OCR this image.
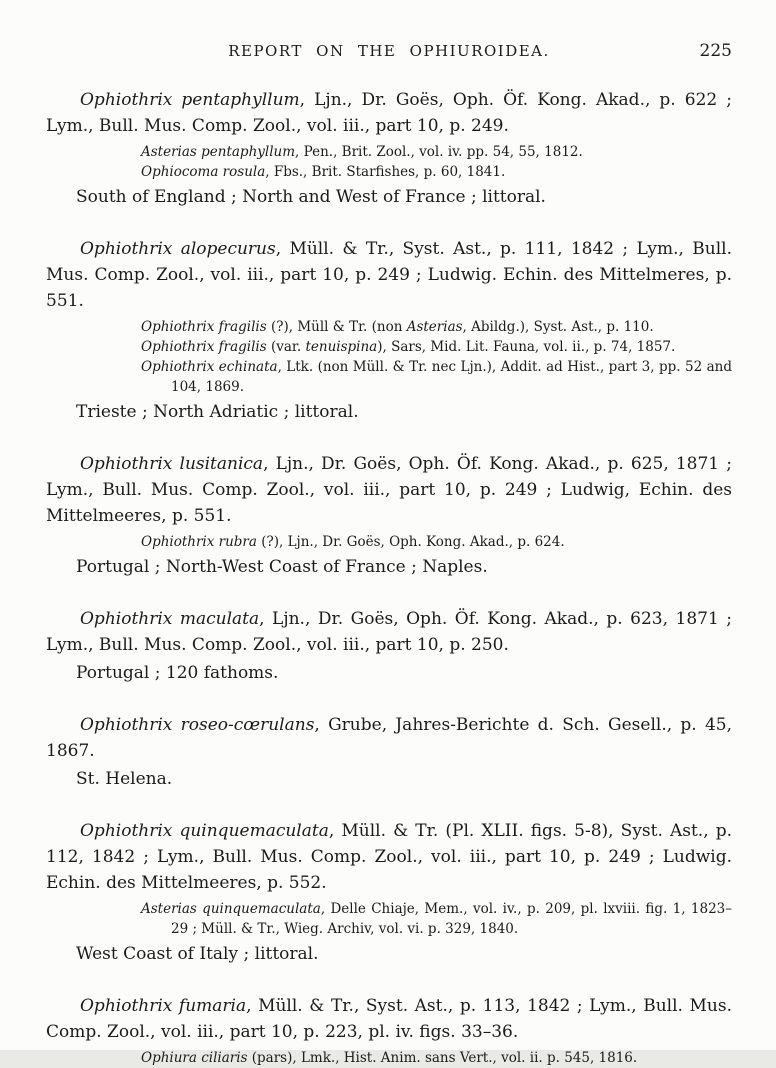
REPORT ON THE OPHIUROIDEA.	225

Ophiothrix pentaphyllum, Ljn., Dr. Goës, Oph. Öf. Kong. Akad., p. 622 ; Lym., Bull. Mus. Comp. Zool., vol. iii., part 10, p. 249.

Asterias pentaphyllum, Pen., Brit. Zool., vol. iv. pp. 54, 55, 1812.

Ophiocoma rosula, Fbs., Brit. Starfishes, p. 60, 1841.

South of England ; North and West of France ; littoral.

Ophiothrix alopecurus, Müll. & Tr., Syst. Ast., p. 111, 1842 ; Lym., Bull. Mus. Comp. Zool., vol. iii., part 10, p. 249 ; Ludwig. Echin. des Mittelmeres, p. 551.

Ophiothrix fragilis (?), Müll & Tr. (non Asterias, Abildg.), Syst. Ast., p. 110.

Ophiothrix fragilis (var. tenuispina), Sars, Mid. Lit. Fauna, vol. ii., p. 74, 1857.

Ophiothrix echinata, Ltk. (non Müll. & Tr. nec Ljn.), Addit. ad Hist., part 3, pp. 52 and 104, 1869.

Trieste ; North Adriatic ; littoral.

Ophiothrix lusitanica, Ljn., Dr. Goës, Oph. Öf. Kong. Akad., p. 625, 1871 ; Lym., Bull. Mus. Comp. Zool., vol. iii., part 10, p. 249 ; Ludwig, Echin. des Mittelmeeres, p. 551.

Ophiothrix rubra (?), Ljn., Dr. Goës, Oph. Kong. Akad., p. 624.

Portugal ; North-West Coast of France ; Naples.

Ophiothrix maculata, Ljn., Dr. Goës, Oph. Öf. Kong. Akad., p. 623, 1871 ; Lym., Bull. Mus. Comp. Zool., vol. iii., part 10, p. 250.

Portugal ; 120 fathoms.

Ophiothrix roseo-cœrulans, Grube, Jahres-Berichte d. Sch. Gesell., p. 45, 1867.

St. Helena.

Ophiothrix quinquemaculata, Müll. & Tr. (Pl. XLII. figs. 5-8), Syst. Ast., p. 112, 1842 ; Lym., Bull. Mus. Comp. Zool., vol. iii., part 10, p. 249 ; Ludwig. Echin. des Mittelmeeres, p. 552.

Asterias quinquemaculata, Delle Chiaje, Mem., vol. iv., p. 209, pl. lxviii. fig. 1, 1823–29 ; Müll. & Tr., Wieg. Archiv, vol. vi. p. 329, 1840.

West Coast of Italy ; littoral.

Ophiothrix fumaria, Müll. & Tr., Syst. Ast., p. 113, 1842 ; Lym., Bull. Mus. Comp. Zool., vol. iii., part 10, p. 223, pl. iv. figs. 33–36.

Ophiura ciliaris (pars), Lmk., Hist. Anim. sans Vert., vol. ii. p. 545, 1816.
